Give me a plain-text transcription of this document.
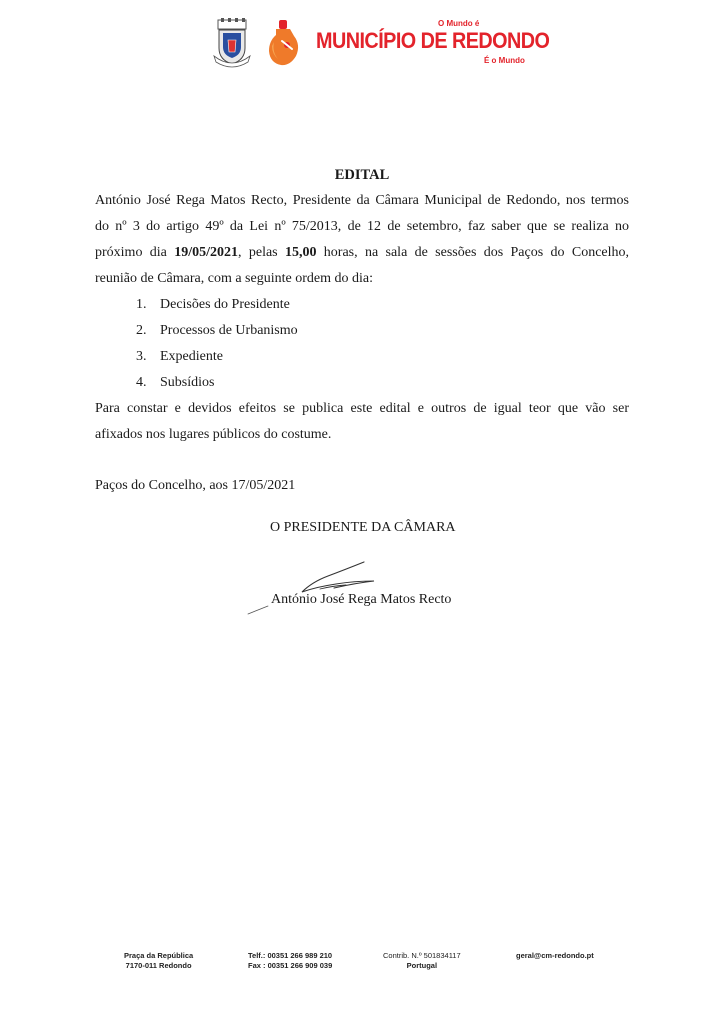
O Mundo é
MUNICÍPIO DE REDONDO
É o Mundo
EDITAL
António José Rega Matos Recto, Presidente da Câmara Municipal de Redondo, nos termos
do nº 3 do artigo 49º da Lei nº 75/2013, de 12 de setembro, faz saber que se realiza no
próximo dia 19/05/2021, pelas 15,00 horas, na sala de sessões dos Paços do Concelho,
reunião de Câmara, com a seguinte ordem do dia:
1. Decisões do Presidente
2. Processos de Urbanismo
3. Expediente
4. Subsídios
Para constar e devidos efeitos se publica este edital e outros de igual teor que vão ser
afixados nos lugares públicos do costume.
Paços do Concelho, aos 17/05/2021
O PRESIDENTE DA CÂMARA
António José Rega Matos Recto
Praça da República
7170-011 Redondo
Telf.: 00351 266 989 210
Fax : 00351 266 909 039
Contrib. N.º 501834117
Portugal
geral@cm-redondo.pt
